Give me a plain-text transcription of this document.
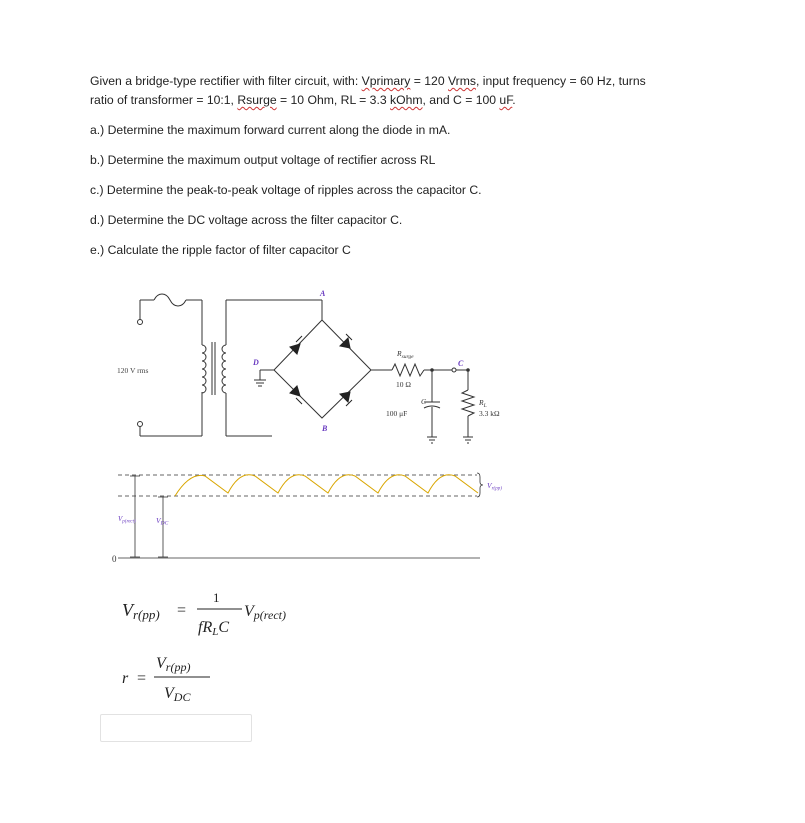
Given a bridge-type rectifier with filter circuit, with: Vprimary = 120 Vrms, input frequency = 60 Hz, turns
ratio of transformer = 10:1, Rsurge = 10 Ohm, RL = 3.3 kOhm, and C = 100 uF.
a.) Determine the maximum forward current along the diode in mA.
b.) Determine the maximum output voltage of rectifier across RL
c.) Determine the peak-to-peak voltage of ripples across the capacitor C.
d.) Determine the DC voltage across the filter capacitor C.
e.) Calculate the ripple factor of filter capacitor C
120 V rms
A
B
C
D
$R_{surge}$
10 Ω
C
100 μF
$R_L$
3.3 kΩ
0
$V_{p(rect)}$	$V_{DC}$
$V_{r(pp)}$
Vr(pp) =
1
fRLC
Vp(rect)
r =
Vr(pp)
VDC
